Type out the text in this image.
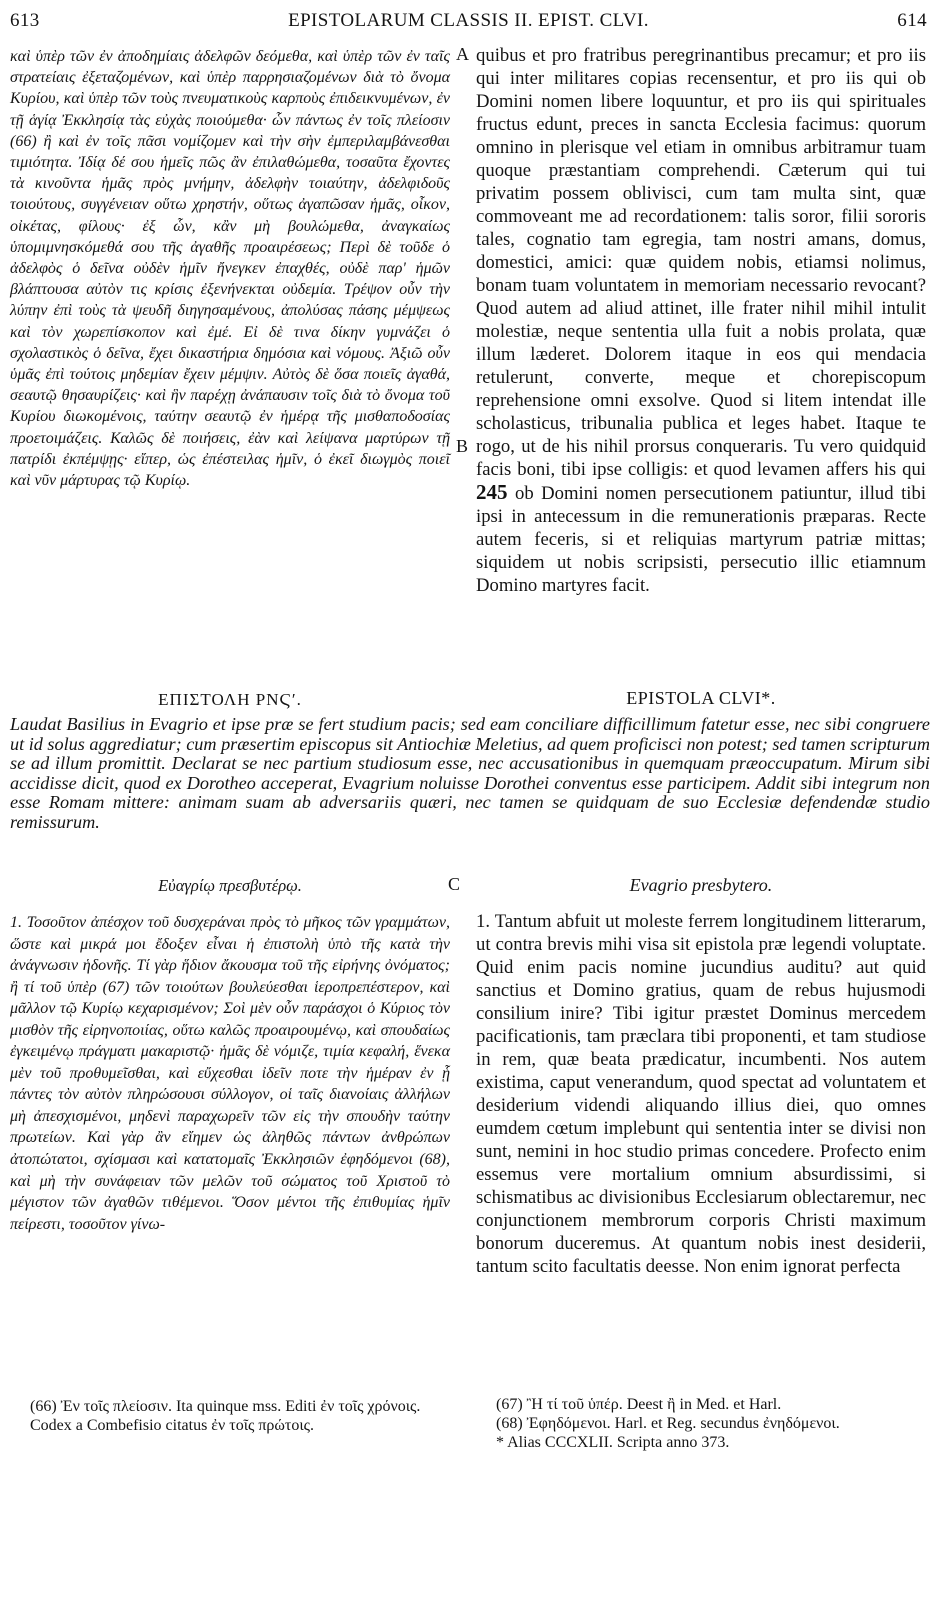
613	EPISTOLARUM CLASSIS II. EPIST. CLVI.	614

καὶ ὑπὲρ τῶν ἐν ἀποδημίαις ἀδελφῶν δεόμεθα, καὶ ὑπὲρ τῶν ἐν ταῖς στρατείαις ἐξεταζομένων, καὶ ὑπὲρ παρρησιαζομένων διὰ τὸ ὄνομα Κυρίου, καὶ ὑπὲρ τῶν τοὺς πνευματικοὺς καρποὺς ἐπιδεικνυμένων, ἐν τῇ ἁγίᾳ Ἐκκλησίᾳ τὰς εὐχὰς ποιούμεθα· ὧν πάντως ἐν τοῖς πλείοσιν (66) ἢ καὶ ἐν τοῖς πᾶσι νομίζομεν καὶ τὴν σὴν ἐμπεριλαμβάνεσθαι τιμιότητα. Ἰδίᾳ δέ σου ἡμεῖς πῶς ἂν ἐπιλαθώμεθα, τοσαῦτα ἔχοντες τὰ κινοῦντα ἡμᾶς πρὸς μνήμην, ἀδελφὴν τοιαύτην, ἀδελφιδοῦς τοιούτους, συγγένειαν οὕτω χρηστήν, οὕτως ἀγαπῶσαν ἡμᾶς, οἶκον, οἰκέτας, φίλους· ἐξ ὧν, κἂν μὴ βουλώμεθα, ἀναγκαίως ὑπομιμνησκόμεθά σου τῆς ἀγαθῆς προαιρέσεως; Περὶ δὲ τοῦδε ὁ ἀδελφὸς ὁ δεῖνα οὐδὲν ἡμῖν ἤνεγκεν ἐπαχθές, οὐδὲ παρ' ἡμῶν βλάπτουσα αὐτὸν τις κρίσις ἐξενήνεκται οὐδεμία. Τρέψον οὖν τὴν λύπην ἐπὶ τοὺς τὰ ψευδῆ διηγησαμένους, ἀπολύσας πάσης μέμψεως καὶ τὸν χωρεπίσκοπον καὶ ἐμέ. Εἰ δὲ τινα δίκην γυμνάζει ὁ σχολαστικὸς ὁ δεῖνα, ἔχει δικαστήρια δημόσια καὶ νόμους. Ἀξιῶ οὖν ὑμᾶς ἐπὶ τούτοις μηδεμίαν ἔχειν μέμψιν. Αὐτὸς δὲ ὅσα ποιεῖς ἀγαθά, σεαυτῷ θησαυρίζεις· καὶ ἣν παρέχῃ ἀνάπαυσιν τοῖς διὰ τὸ ὄνομα τοῦ Κυρίου διωκομένοις, ταύτην σεαυτῷ ἐν ἡμέρᾳ τῆς μισθαποδοσίας προετοιμάζεις. Καλῶς δὲ ποιήσεις, ἐὰν καὶ λείψανα μαρτύρων τῇ πατρίδι ἐκπέμψῃς· εἴπερ, ὡς ἐπέστειλας ἡμῖν, ὁ ἐκεῖ διωγμὸς ποιεῖ καὶ νῦν μάρτυρας τῷ Κυρίῳ.

A
B

quibus et pro fratribus peregrinantibus precamur; et pro iis qui inter militares copias recensentur, et pro iis qui ob Domini nomen libere loquuntur, et pro iis qui spirituales fructus edunt, preces in sancta Ecclesia facimus: quorum omnino in plerisque vel etiam in omnibus arbitramur tuam quoque præstantiam comprehendi. Cæterum qui tui privatim possem oblivisci, cum tam multa sint, quæ commoveant me ad recordationem: talis soror, filii sororis tales, cognatio tam egregia, tam nostri amans, domus, domestici, amici: quæ quidem nobis, etiamsi nolimus, bonam tuam voluntatem in memoriam necessario revocant? Quod autem ad aliud attinet, ille frater nihil mihil intulit molestiæ, neque sententia ulla fuit a nobis prolata, quæ illum læderet. Dolorem itaque in eos qui mendacia retulerunt, converte, meque et chorepiscopum reprehensione omni exsolve. Quod si litem intendat ille scholasticus, tribunalia publica et leges habet. Itaque te rogo, ut de his nihil prorsus conqueraris. Tu vero quidquid facis boni, tibi ipse colligis: et quod levamen affers his qui 245 ob Domini nomen persecutionem patiuntur, illud tibi ipsi in antecessum in die remunerationis præparas. Recte autem feceris, si et reliquias martyrum patriæ mittas; siquidem ut nobis scripsisti, persecutio illic etiamnum Domino martyres facit.

ΕΠΙΣΤΟΛΗ ΡΝϚʹ.	EPISTOLA CLVI*.

Laudat Basilius in Evagrio et ipse præ se fert studium pacis; sed eam conciliare difficillimum fatetur esse, nec sibi congruere ut id solus aggrediatur; cum præsertim episcopus sit Antiochiæ Meletius, ad quem proficisci non potest; sed tamen scripturum se ad illum promittit. Declarat se nec partium studiosum esse, nec accusationibus in quemquam præoccupatum. Mirum sibi accidisse dicit, quod ex Dorotheo acceperat, Evagrium noluisse Dorothei conventus esse participem. Addit sibi integrum non esse Romam mittere: animam suam ab adversariis quæri, nec tamen se quidquam de suo Ecclesiæ defendendæ studio remissurum.

Εὐαγρίῳ πρεσβυτέρῳ.	C	Evagrio presbytero.

1. Τοσοῦτον ἀπέσχον τοῦ δυσχεράναι πρὸς τὸ μῆκος τῶν γραμμάτων, ὥστε καὶ μικρά μοι ἔδοξεν εἶναι ἡ ἐπιστολὴ ὑπὸ τῆς κατὰ τὴν ἀνάγνωσιν ἡδονῆς. Τί γὰρ ἥδιον ἄκουσμα τοῦ τῆς εἰρήνης ὀνόματος; ἢ τί τοῦ ὑπὲρ (67) τῶν τοιούτων βουλεύεσθαι ἱεροπρεπέστερον, καὶ μᾶλλον τῷ Κυρίῳ κεχαρισμένον; Σοὶ μὲν οὖν παράσχοι ὁ Κύριος τὸν μισθὸν τῆς εἰρηνοποιίας, οὕτω καλῶς προαιρουμένῳ, καὶ σπουδαίως ἐγκειμένῳ πράγματι μακαριστῷ· ἡμᾶς δὲ νόμιζε, τιμία κεφαλή, ἕνεκα μὲν τοῦ προθυμεῖσθαι, καὶ εὔχεσθαι ἰδεῖν ποτε τὴν ἡμέραν ἐν ᾗ πάντες τὸν αὐτὸν πληρώσουσι σύλλογον, οἱ ταῖς διανοίαις ἀλλήλων μὴ ἀπεσχισμένοι, μηδενὶ παραχωρεῖν τῶν εἰς τὴν σπουδὴν ταύτην πρωτείων. Καὶ γὰρ ἂν εἴημεν ὡς ἀληθῶς πάντων ἀνθρώπων ἀτοπώτατοι, σχίσμασι καὶ κατατομαῖς Ἐκκλησιῶν ἐφηδόμενοι (68), καὶ μὴ τὴν συνάφειαν τῶν μελῶν τοῦ σώματος τοῦ Χριστοῦ τὸ μέγιστον τῶν ἀγαθῶν τιθέμενοι. Ὅσον μέντοι τῆς ἐπιθυμίας ἡμῖν πείρεστι, τοσοῦτον γίνω-

1. Tantum abfuit ut moleste ferrem longitudinem litterarum, ut contra brevis mihi visa sit epistola præ legendi voluptate. Quid enim pacis nomine jucundius auditu? aut quid sanctius et Domino gratius, quam de rebus hujusmodi consilium inire? Tibi igitur præstet Dominus mercedem pacificationis, tam præclara tibi proponenti, et tam studiose in rem, quæ beata prædicatur, incumbenti. Nos autem existima, caput venerandum, quod spectat ad voluntatem et desiderium videndi aliquando illius diei, quo omnes eumdem cœtum implebunt qui sententia inter se divisi non sunt, nemini in hoc studio primas concedere. Profecto enim essemus vere mortalium omnium absurdissimi, si schismatibus ac divisionibus Ecclesiarum oblectaremur, nec conjunctionem membrorum corporis Christi maximum bonorum duceremus. At quantum nobis inest desiderii, tantum scito facultatis deesse. Non enim ignorat perfecta

(66) Ἐν τοῖς πλείοσιν. Ita quinque mss. Editi ἐν τοῖς χρόνοις. Codex a Combefisio citatus ἐν τοῖς πρώτοις.

(67) Ἢ τί τοῦ ὑπέρ. Deest ἢ in Med. et Harl.

(68) Ἐφηδόμενοι. Harl. et Reg. secundus ἐνηδόμενοι.

* Alias CCCXLII. Scripta anno 373.
